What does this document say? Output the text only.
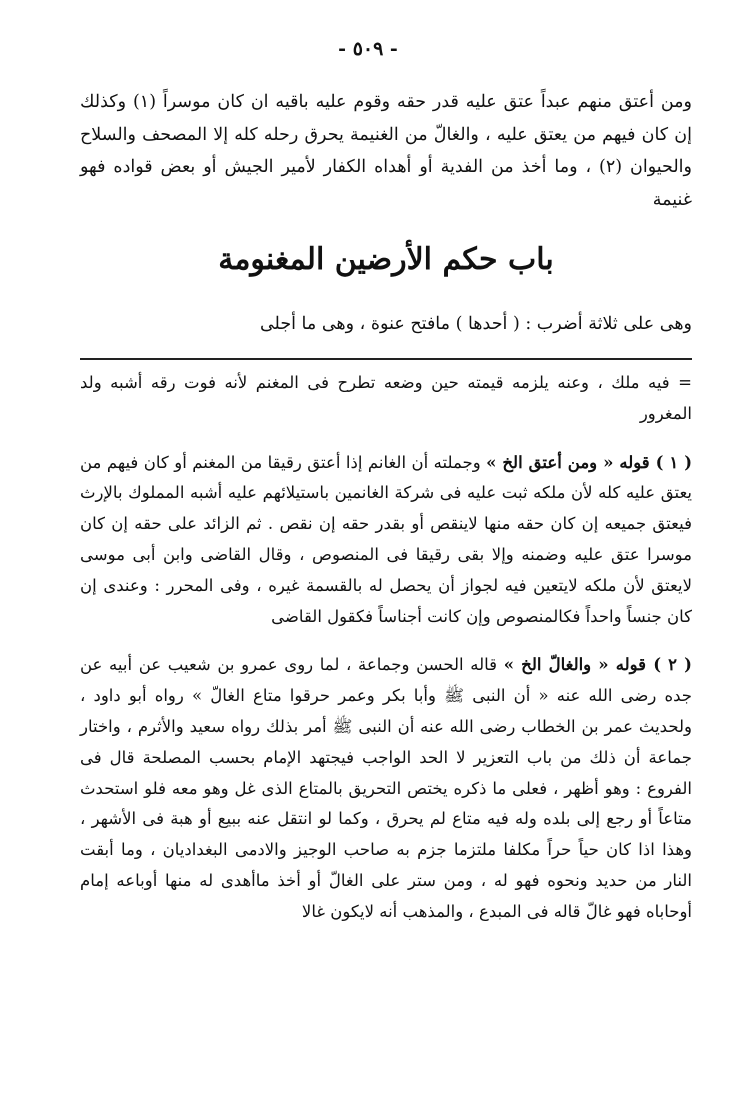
- ٥٠٩ -
ومن أعتق منهم عبداً عتق عليه قدر حقه وقوم عليه باقيه ان كان موسراً (١) وكذلك إن كان فيهم من يعتق عليه ، والغالّ من الغنيمة يحرق رحله كله إلا المصحف والسلاح والحيوان (٢) ، وما أخذ من الفدية أو أهداه الكفار لأمير الجيش أو بعض قواده فهو غنيمة
باب حكم الأرضين المغنومة
وهى على ثلاثة أضرب : ( أحدها ) مافتح عنوة ، وهى ما أجلى

= فيه ملك ، وعنه يلزمه قيمته حين وضعه تطرح فى المغنم لأنه فوت رقه أشبه ولد المغرور

( ١ ) قوله « ومن أعتق الخ » وجملته أن الغانم إذا أعتق رقيقا من المغنم أو كان فيهم من يعتق عليه كله لأن ملكه ثبت عليه فى شركة الغانمين باستيلائهم عليه أشبه المملوك بالإرث فيعتق جميعه إن كان حقه منها لاينقص أو بقدر حقه إن نقص . ثم الزائد على حقه إن كان موسرا عتق عليه وضمنه وإلا بقى رقيقا فى المنصوص ، وقال القاضى وابن أبى موسى لايعتق لأن ملكه لايتعين فيه لجواز أن يحصل له بالقسمة غيره ، وفى المحرر : وعندى إن كان جنساً واحداً فكالمنصوص وإن كانت أجناساً فكقول القاضى

( ٢ ) قوله « والغالّ الخ » قاله الحسن وجماعة ، لما روى عمرو بن شعيب عن أبيه عن جده رضى الله عنه « أن النبى ﷺ وأبا بكر وعمر حرقوا متاع الغالّ » رواه أبو داود ، ولحديث عمر بن الخطاب رضى الله عنه أن النبى ﷺ أمر بذلك رواه سعيد والأثرم ، واختار جماعة أن ذلك من باب التعزير لا الحد الواجب فيجتهد الإمام بحسب المصلحة قال فى الفروع : وهو أظهر ، فعلى ما ذكره يختص التحريق بالمتاع الذى غل وهو معه فلو استحدث متاعاً أو رجع إلى بلده وله فيه متاع لم يحرق ، وكما لو انتقل عنه ببيع أو هبة فى الأشهر ، وهذا اذا كان حياً حراً مكلفا ملتزما جزم به صاحب الوجيز والادمى البغداديان ، وما أبقت النار من حديد ونحوه فهو له ، ومن ستر على الغالّ أو أخذ ماأهدى له منها أوباعه إمام أوحاباه فهو غالّ قاله فى المبدع ، والمذهب أنه لايكون غالا
